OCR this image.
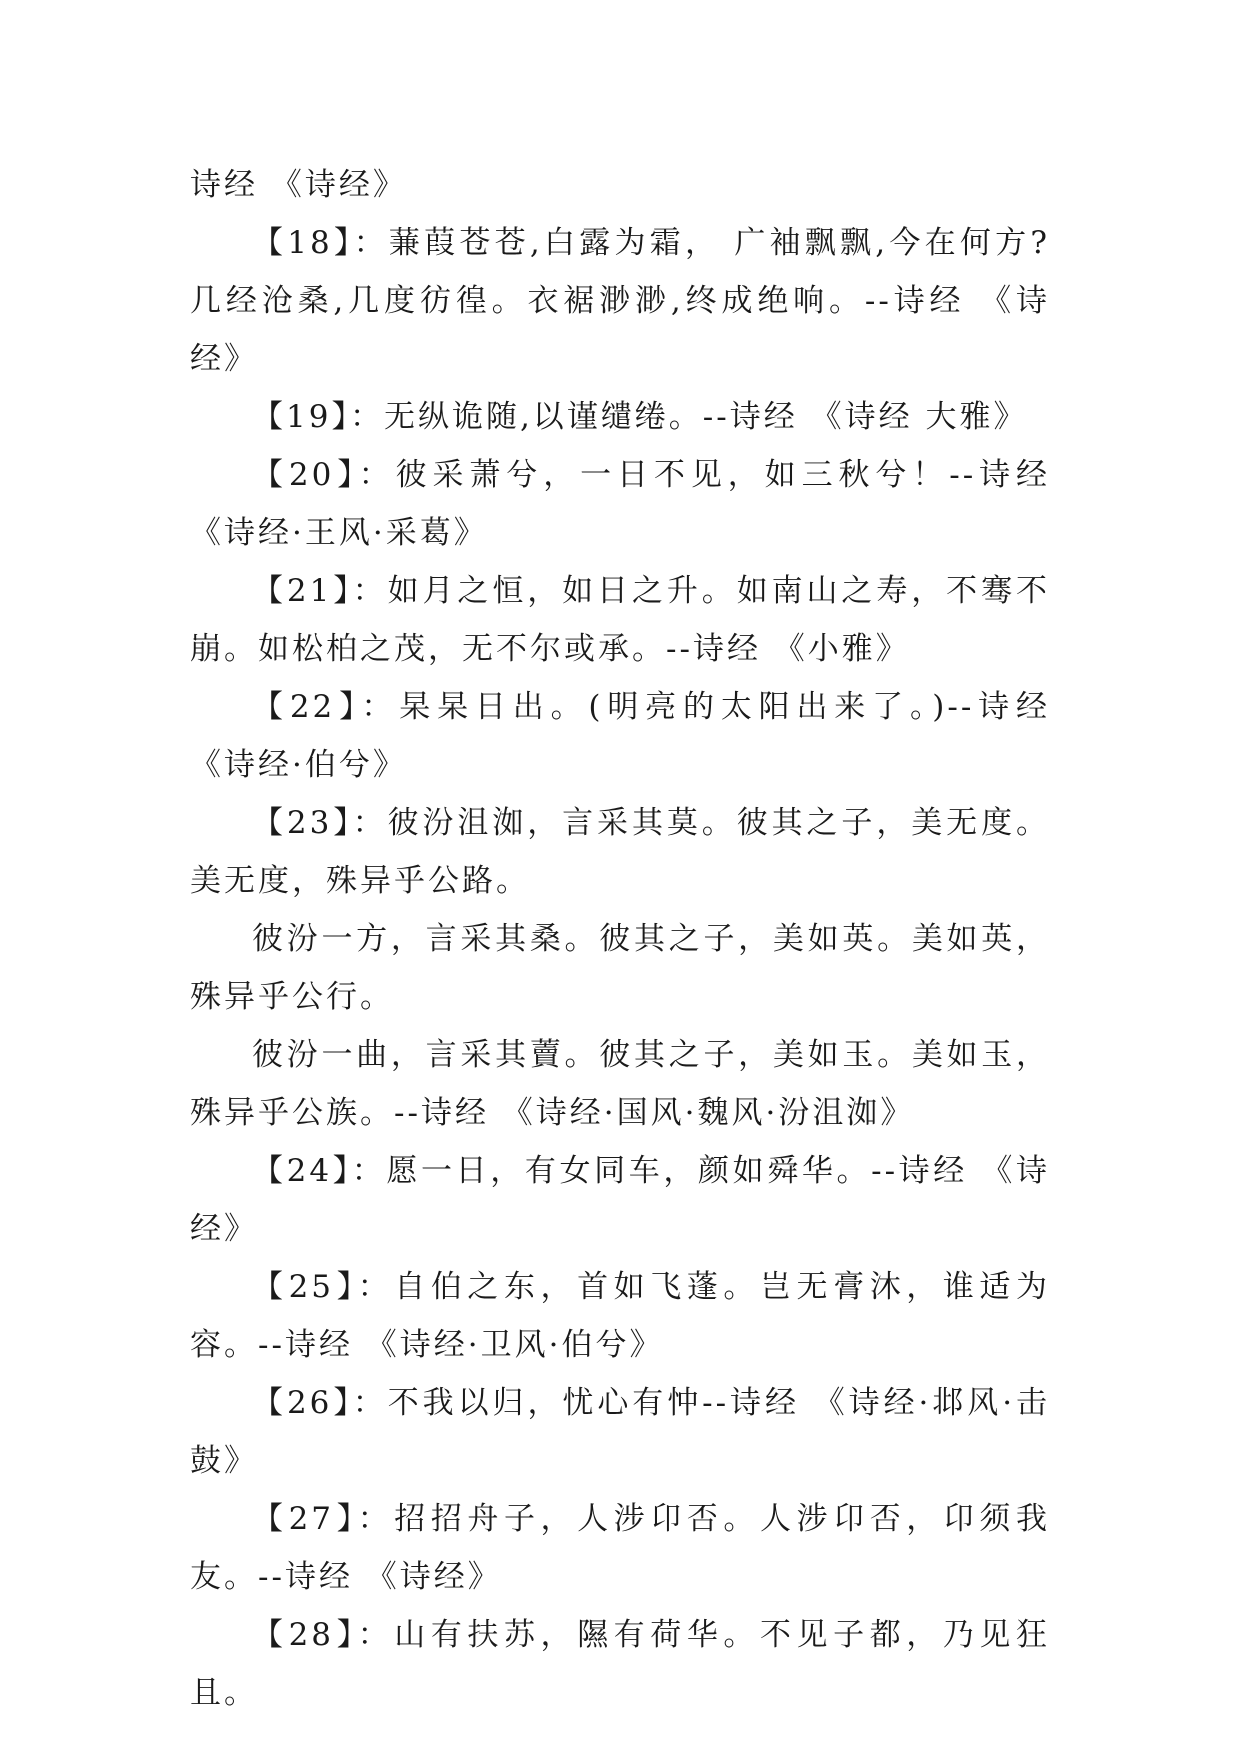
诗经 《诗经》

【18】：蒹葭苍苍,白露为霜， 广袖飘飘,今在何方? 几经沧桑,几度彷徨。衣裾渺渺,终成绝响。--诗经 《诗经》

【19】：无纵诡随,以谨缱绻。--诗经 《诗经 大雅》

【20】：彼采萧兮，一日不见，如三秋兮！--诗经 《诗经·王风·采葛》

【21】：如月之恒，如日之升。如南山之寿，不骞不崩。如松柏之茂，无不尔或承。--诗经 《小雅》

【22】：杲杲日出。(明亮的太阳出来了。)--诗经 《诗经·伯兮》

【23】：彼汾沮洳，言采其莫。彼其之子，美无度。美无度，殊异乎公路。

彼汾一方，言采其桑。彼其之子，美如英。美如英，殊异乎公行。

彼汾一曲，言采其藚。彼其之子，美如玉。美如玉，殊异乎公族。--诗经 《诗经·国风·魏风·汾沮洳》

【24】：愿一日，有女同车，颜如舜华。--诗经 《诗经》

【25】：自伯之东，首如飞蓬。岂无膏沐，谁适为容。--诗经 《诗经·卫风·伯兮》

【26】：不我以归，忧心有忡--诗经 《诗经·邶风·击鼓》

【27】：招招舟子，人涉卬否。人涉卬否，卬须我友。--诗经 《诗经》

【28】：山有扶苏，隰有荷华。不见子都，乃见狂且。
